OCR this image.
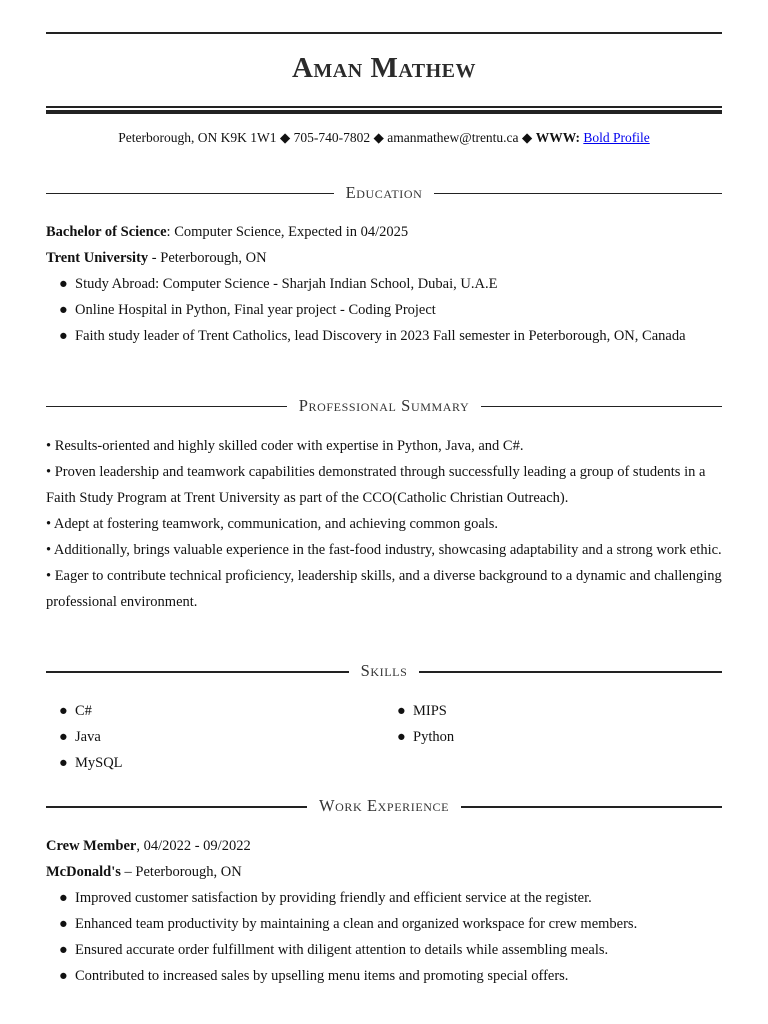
Aman Mathew
Peterborough, ON K9K 1W1 ◆ 705-740-7802 ◆ amanmathew@trentu.ca ◆ WWW: Bold Profile
Education
Bachelor of Science: Computer Science, Expected in 04/2025
Trent University - Peterborough, ON
● Study Abroad: Computer Science - Sharjah Indian School, Dubai, U.A.E
● Online Hospital in Python, Final year project - Coding Project
● Faith study leader of Trent Catholics, lead Discovery in 2023 Fall semester in Peterborough, ON, Canada
Professional Summary
• Results-oriented and highly skilled coder with expertise in Python, Java, and C#.
• Proven leadership and teamwork capabilities demonstrated through successfully leading a group of students in a Faith Study Program at Trent University as part of the CCO(Catholic Christian Outreach).
• Adept at fostering teamwork, communication, and achieving common goals.
• Additionally, brings valuable experience in the fast-food industry, showcasing adaptability and a strong work ethic.
• Eager to contribute technical proficiency, leadership skills, and a diverse background to a dynamic and challenging professional environment.
Skills
● C#
● Java
● MySQL
● MIPS
● Python
Work Experience
Crew Member, 04/2022 - 09/2022
McDonald's – Peterborough, ON
● Improved customer satisfaction by providing friendly and efficient service at the register.
● Enhanced team productivity by maintaining a clean and organized workspace for crew members.
● Ensured accurate order fulfillment with diligent attention to details while assembling meals.
● Contributed to increased sales by upselling menu items and promoting special offers.
